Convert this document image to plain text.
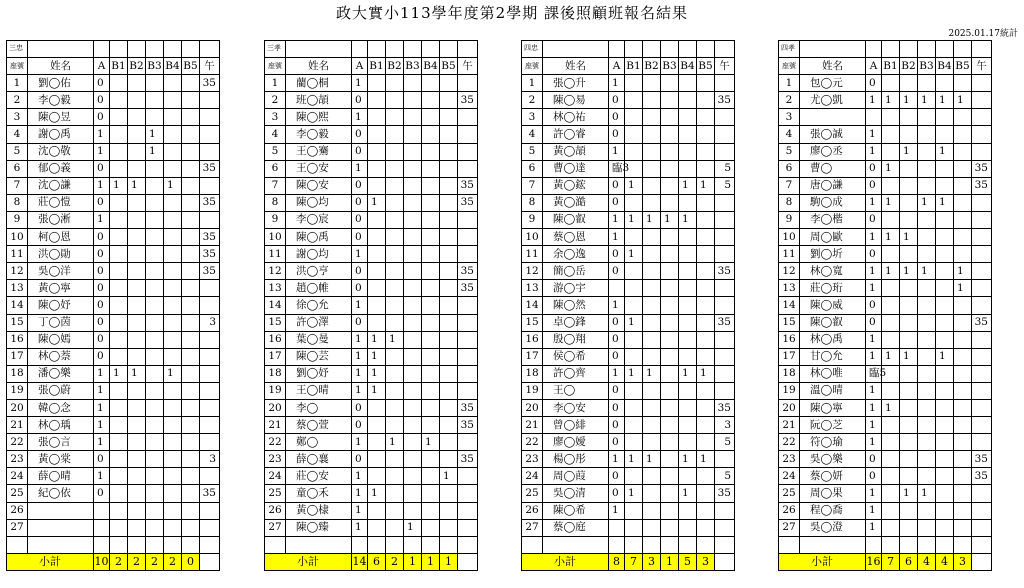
政大實小113學年度第2學期 課後照顧班報名結果
2025.01.17統計
三忠								
座號	姓名	A	B1	B2	B3	B4	B5	午
1	劉◯佑	0						35
2	李◯毅	0						
3	陳◯昱	0						
4	謝◯禹	1			1			
5	沈◯敬	1			1			
6	郁◯義	0						35
7	沈◯謙	1	1	1		1		
8	莊◯愷	0						35
9	張◯淅	1						
10	柯◯恩	0						35
11	洪◯勛	0						35
12	吳◯洋	0						35
13	黃◯寧	0						
14	陳◯妤	0						
15	丁◯茵	0						3
16	陳◯嫣	0						
17	林◯萘	0						
18	潘◯樂	1	1	1		1		
19	張◯蔚	1						
20	韓◯念	1						
21	林◯瑀	1						
22	張◯言	1						
23	黃◯棠	0						3
24	薛◯晴	1						
25	紀◯依	0						35
26								
27								

小計		10	2	2	2	2	0	
三孝								
座號	姓名	A	B1	B2	B3	B4	B5	午
1	藺◯桐	1						
2	班◯頡	0						35
3	陳◯熙	1						
4	李◯毅	0						
5	王◯騫	0						
6	王◯安	1						
7	陳◯安	0						35
8	陳◯均	0	1					35
9	李◯宸	0						
10	陳◯禹	0						
11	謝◯均	1						
12	洪◯亨	0						35
13	趙◯帷	0						35
14	徐◯允	1						
15	許◯澤	0						
16	葉◯曼	1	1	1				
17	陳◯芸	1	1					
18	劉◯妤	1	1					
19	王◯晴	1	1					
20	李◯	0						35
21	蔡◯萱	0						35
22	鄭◯	1		1		1		
23	薛◯襄	0						35
24	莊◯安	1					1	
25	童◯禾	1	1					
26	黃◯棣	1						
27	陳◯臻	1			1			

小計		14	6	2	1	1	1	
四忠								
座號	姓名	A	B1	B2	B3	B4	B5	午
1	張◯升	1						
2	陳◯易	0						35
3	林◯祐	0						
4	許◯睿	0						
5	黃◯頡	1						
6	曹◯達	臨3						5
7	黃◯鋐	0	1			1	1	5
8	黃◯澔	0						
9	陳◯叡	1	1	1	1	1		
10	蔡◯恩	1						
11	余◯逸	0	1					
12	簡◯岳	0						35
13	游◯宇							
14	陳◯然	1						
15	卓◯鋒	0	1					35
16	殷◯翔	0						
17	侯◯希	0						
18	許◯齊	1	1	1		1	1	
19	王◯	0						
20	李◯安	0						35
21	曾◯緋	0						3
22	廖◯嬡	0						5
23	楊◯彤	1	1	1		1	1	
24	周◯葭	0						5
25	吳◯清	0	1			1		35
26	陳◯希	1						
27	蔡◯庭							

小計		8	7	3	1	5	3	
四孝								
座號	姓名	A	B1	B2	B3	B4	B5	午
1	包◯元	0						
2	尤◯凱	1	1	1	1	1	1	
3								
4	張◯誠	1						
5	廖◯丞	1		1		1		
6	曹◯	0	1					35
7	唐◯謙	0						35
8	駒◯成	1	1		1	1		
9	李◯楷	0						
10	周◯歐	1	1	1				
11	劉◯圻	0						
12	林◯寬	1	1	1	1		1	
13	莊◯珩	1					1	
14	陳◯威	0						
15	陳◯叡	0						35
16	林◯禹	1						
17	甘◯允	1	1	1		1		
18	林◯唯	臨5						
19	溫◯晴	1						
20	陳◯寧	1	1					
21	阮◯芝	1						
22	符◯瑜	1						
23	吳◯樂	0						35
24	蔡◯妍	0						35
25	周◯果	1		1	1			
26	程◯喬	1						
27	吳◯澄	1						

小計		16	7	6	4	4	3	
